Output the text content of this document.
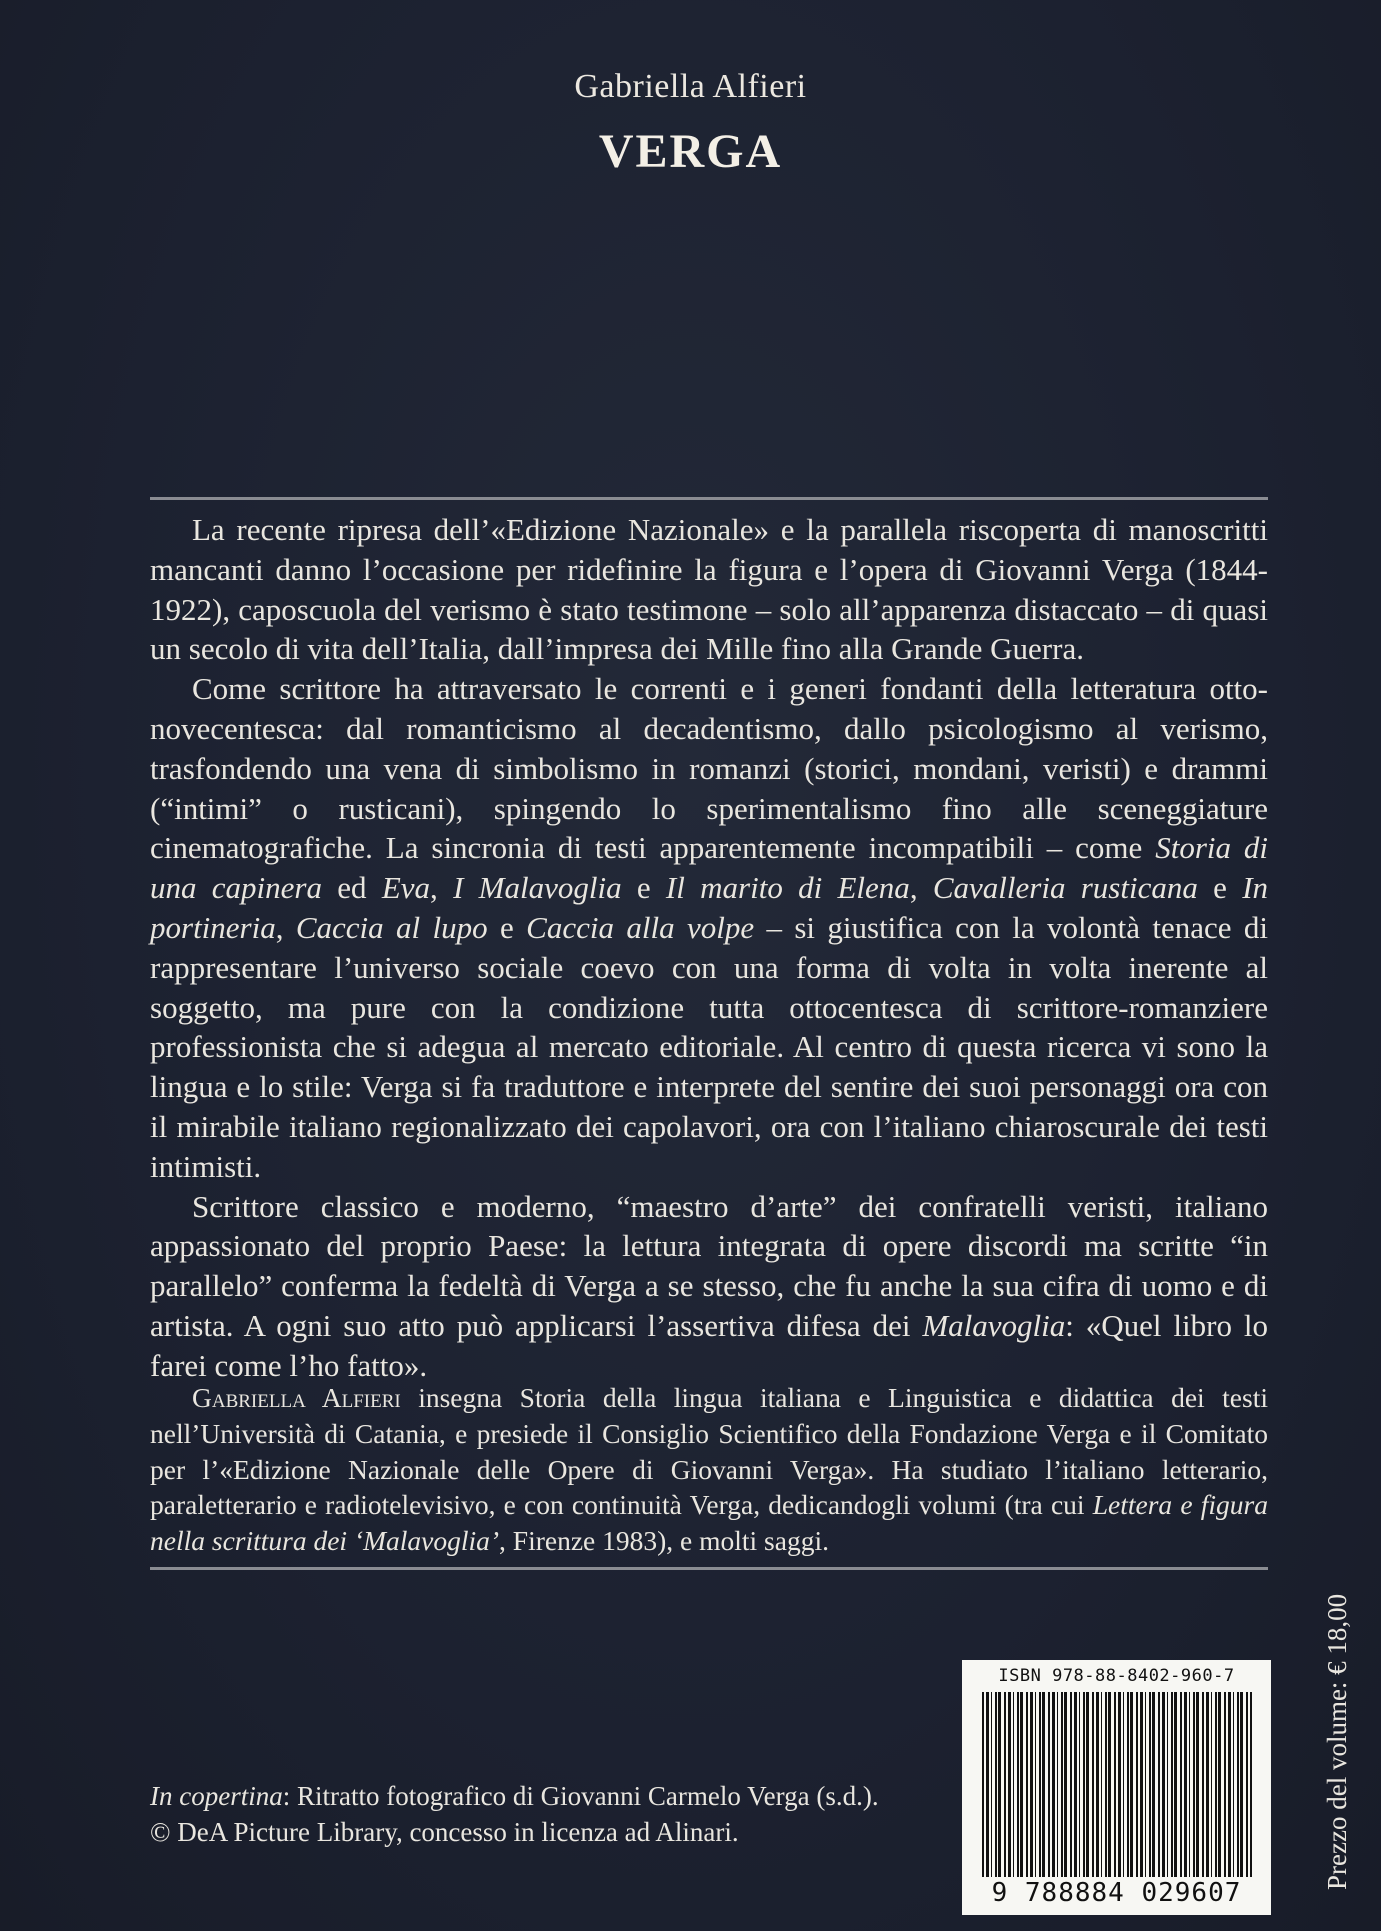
Gabriella Alfieri
VERGA

La recente ripresa dell’«Edizione Nazionale» e la parallela riscoperta di manoscritti mancanti danno l’occasione per ridefinire la figura e l’opera di Giovanni Verga (1844-1922), caposcuola del verismo è stato testimone – solo all’apparenza distaccato – di quasi un secolo di vita dell’Italia, dall’impresa dei Mille fino alla Grande Guerra.

Come scrittore ha attraversato le correnti e i generi fondanti della letteratura otto-novecentesca: dal romanticismo al decadentismo, dallo psicologismo al verismo, trasfondendo una vena di simbolismo in romanzi (storici, mondani, veristi) e drammi (“intimi” o rusticani), spingendo lo sperimentalismo fino alle sceneggiature cinematografiche. La sincronia di testi apparentemente incompatibili – come Storia di una capinera ed Eva, I Malavoglia e Il marito di Elena, Cavalleria rusticana e In portineria, Caccia al lupo e Caccia alla volpe – si giustifica con la volontà tenace di rappresentare l’universo sociale coevo con una forma di volta in volta inerente al soggetto, ma pure con la condizione tutta ottocentesca di scrittore-romanziere professionista che si adegua al mercato editoriale. Al centro di questa ricerca vi sono la lingua e lo stile: Verga si fa traduttore e interprete del sentire dei suoi personaggi ora con il mirabile italiano regionalizzato dei capolavori, ora con l’italiano chiaroscurale dei testi intimisti.

Scrittore classico e moderno, “maestro d’arte” dei confratelli veristi, italiano appassionato del proprio Paese: la lettura integrata di opere discordi ma scritte “in parallelo” conferma la fedeltà di Verga a se stesso, che fu anche la sua cifra di uomo e di artista. A ogni suo atto può applicarsi l’assertiva difesa dei Malavoglia: «Quel libro lo farei come l’ho fatto».

Gabriella Alfieri insegna Storia della lingua italiana e Linguistica e didattica dei testi nell’Università di Catania, e presiede il Consiglio Scientifico della Fondazione Verga e il Comitato per l’«Edizione Nazionale delle Opere di Giovanni Verga». Ha studiato l’italiano letterario, paraletterario e radiotelevisivo, e con continuità Verga, dedicandogli volumi (tra cui Lettera e figura nella scrittura dei ‘Malavoglia’, Firenze 1983), e molti saggi.

In copertina: Ritratto fotografico di Giovanni Carmelo Verga (s.d.).
© DeA Picture Library, concesso in licenza ad Alinari.	Prezzo del volume: € 18,00
ISBN 978-88-8402-960-7
9 788884 029607
